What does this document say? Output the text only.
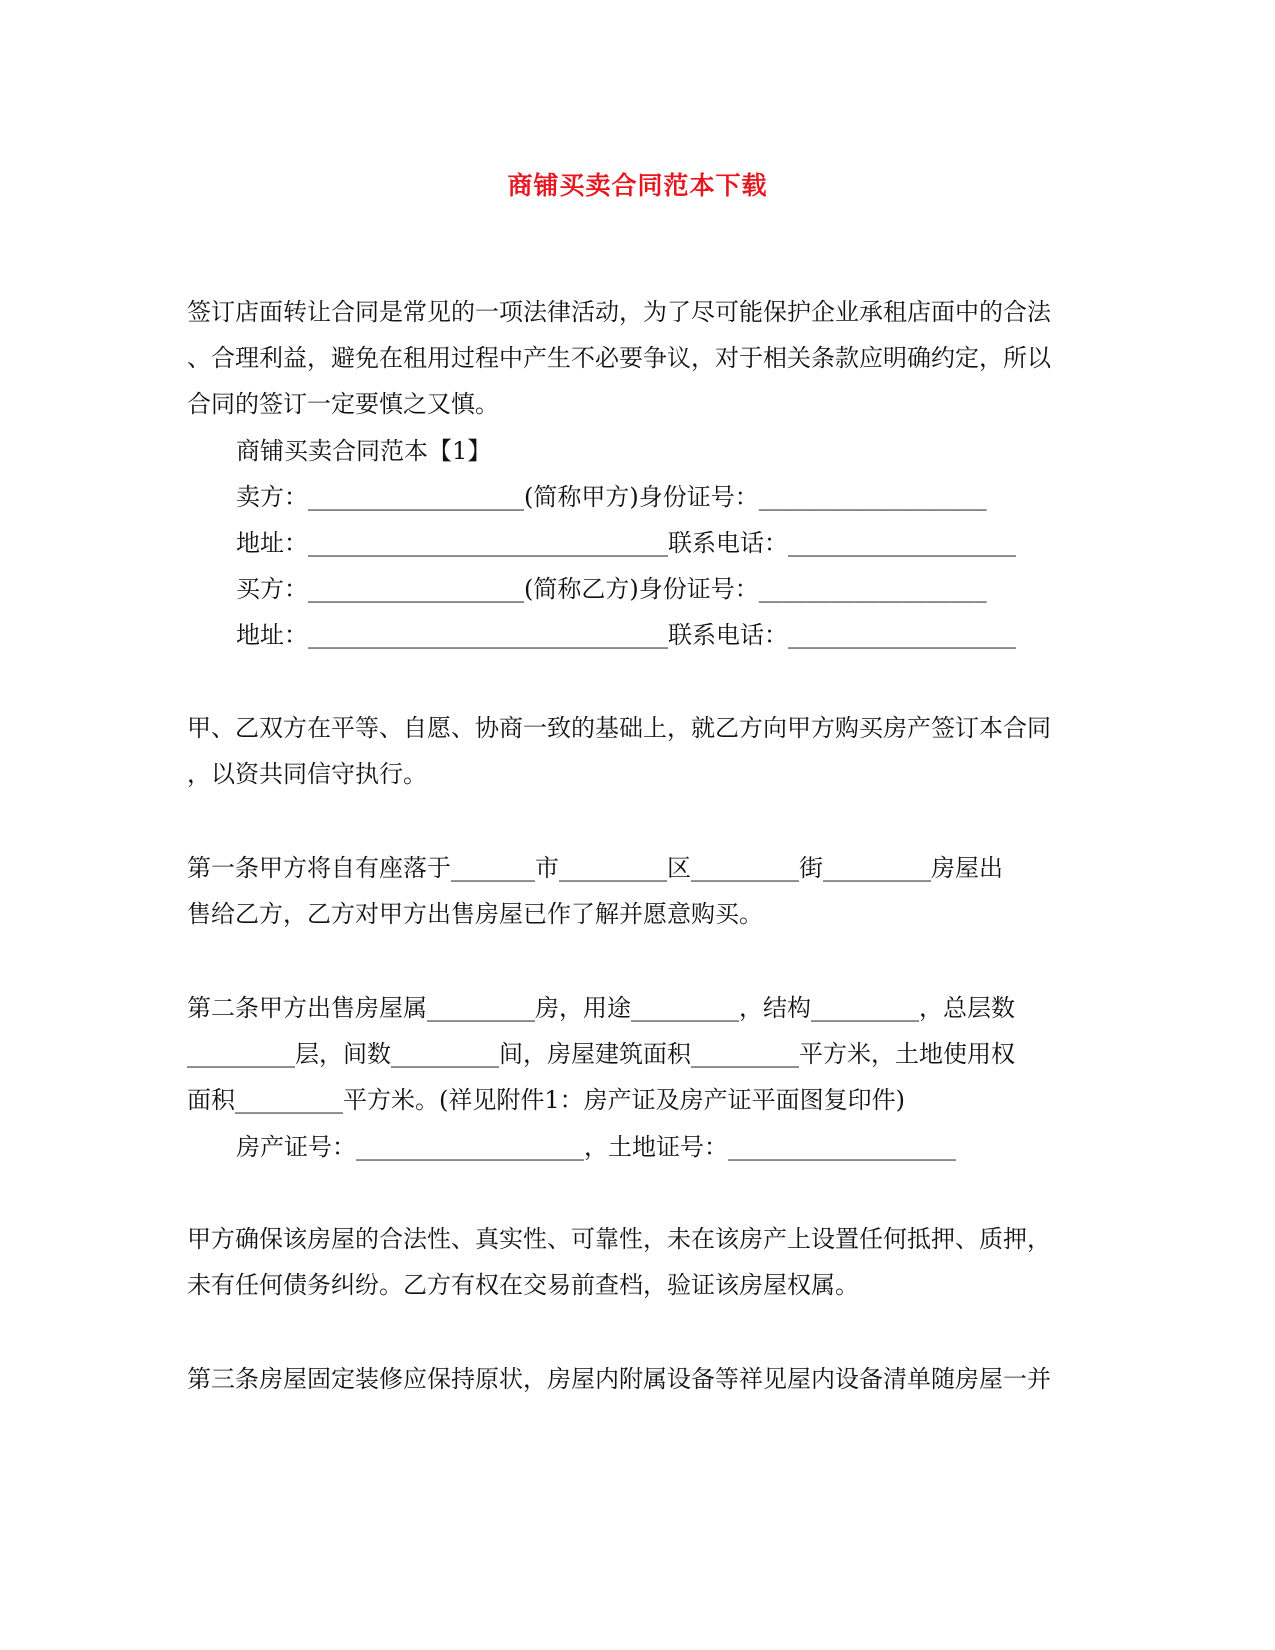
商铺买卖合同范本下载
签订店面转让合同是常见的一项法律活动，为了尽可能保护企业承租店面中的合法
、合理利益，避免在租用过程中产生不必要争议，对于相关条款应明确约定，所以
合同的签订一定要慎之又慎。
商铺买卖合同范本【1】
卖方：__________________(简称甲方)身份证号：___________________
地址：______________________________联系电话：___________________
买方：__________________(简称乙方)身份证号：___________________
地址：______________________________联系电话：___________________
甲、乙双方在平等、自愿、协商一致的基础上，就乙方向甲方购买房产签订本合同
，以资共同信守执行。
第一条甲方将自有座落于_______市_________区_________街_________房屋出
售给乙方，乙方对甲方出售房屋已作了解并愿意购买。
第二条甲方出售房屋属_________房，用途_________，结构_________，总层数
_________层，间数_________间，房屋建筑面积_________平方米，土地使用权
面积_________平方米。(祥见附件1：房产证及房产证平面图复印件)
房产证号：___________________，土地证号：___________________
甲方确保该房屋的合法性、真实性、可靠性，未在该房产上设置任何抵押、质押，
未有任何债务纠纷。乙方有权在交易前查档，验证该房屋权属。
第三条房屋固定装修应保持原状，房屋内附属设备等祥见屋内设备清单随房屋一并
